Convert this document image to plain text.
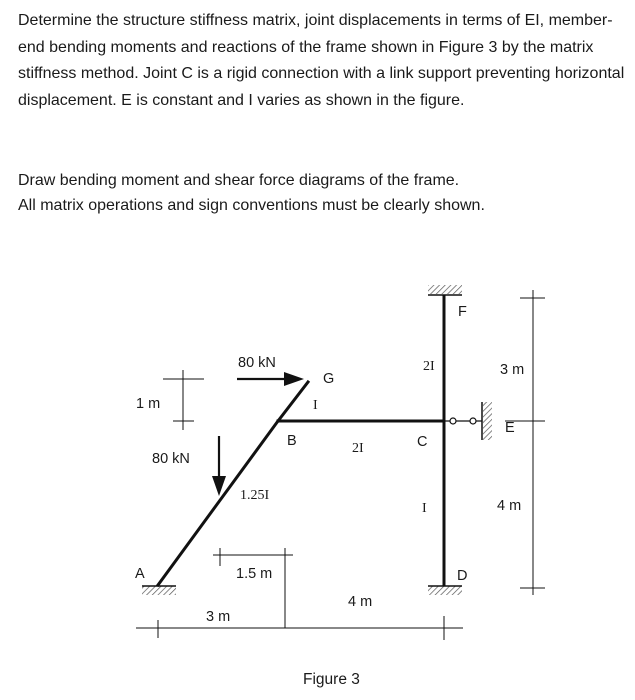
Determine the structure stiffness matrix, joint displacements in terms of EI, member-end bending moments and reactions of the frame shown in Figure 3 by the matrix stiffness method. Joint C is a rigid connection with a link support preventing horizontal displacement. E is constant and I varies as shown in the figure.

Draw bending moment and shear force diagrams of the frame.
All matrix operations and sign conventions must be clearly shown.

A
B	C
D
E
F
G
80 kN
80 kN
I
2I
2I
I
1.25I
1 m
3 m
4 m
1.5 m
3 m
4 m
Figure 3
